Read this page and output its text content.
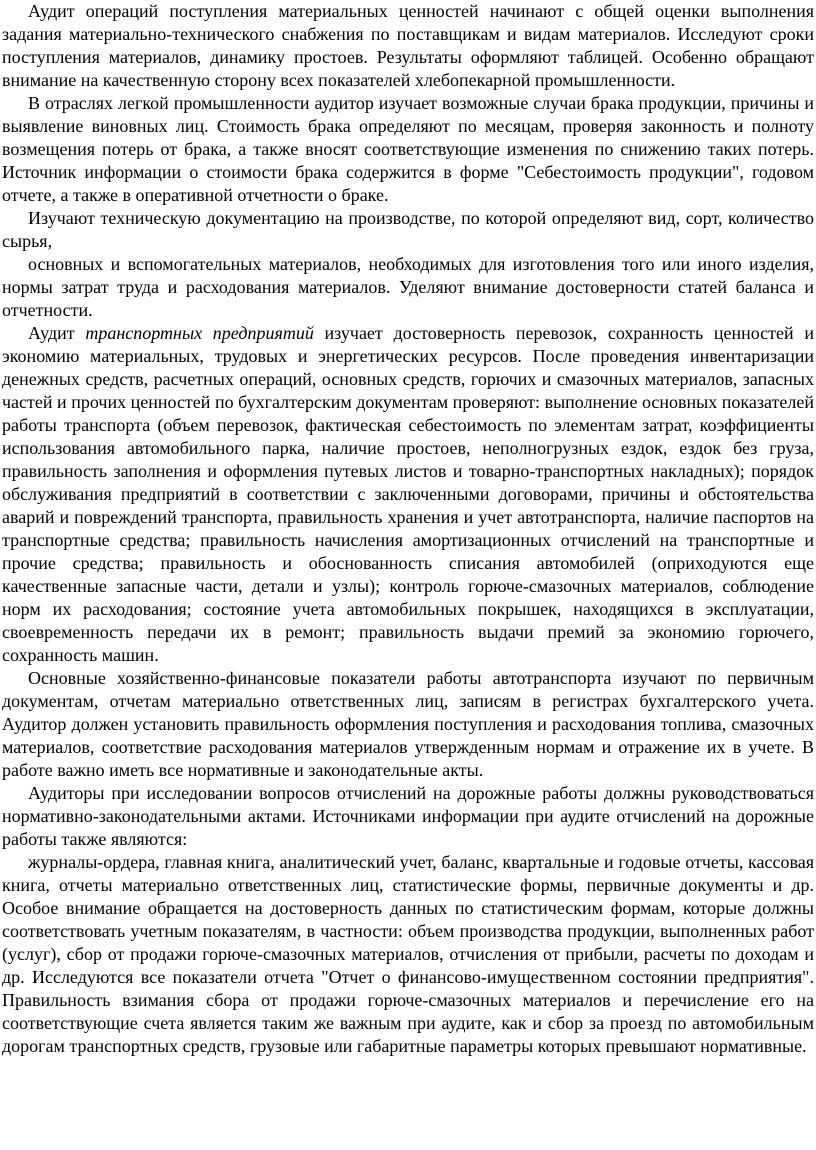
Аудит операций поступления материальных ценностей начинают с общей оценки выполнения задания материально-технического снабжения по поставщикам и видам материалов. Исследуют сроки поступления материалов, динамику простоев. Результаты оформляют таблицей. Особенно обращают внимание на качественную сторону всех показателей хлебопекарной промышленности.

В отраслях легкой промышленности аудитор изучает возможные случаи брака продукции, причины и выявление виновных лиц. Стоимость брака определяют по месяцам, проверяя законность и полноту возмещения потерь от брака, а также вносят соответствующие изменения по снижению таких потерь. Источник информации о стоимости брака содержится в форме "Себестоимость продукции", годовом отчете, а также в оперативной отчетности о браке.

Изучают техническую документацию на производстве, по которой определяют вид, сорт, количество сырья,

основных и вспомогательных материалов, необходимых для изготовления того или иного изделия, нормы затрат труда и расходования материалов. Уделяют внимание достоверности статей баланса и отчетности.

Аудит транспортных предприятий изучает достоверность перевозок, сохранность ценностей и экономию материальных, трудовых и энергетических ресурсов. После проведения инвентаризации денежных средств, расчетных операций, основных средств, горючих и смазочных материалов, запасных частей и прочих ценностей по бухгалтерским документам проверяют: выполнение основных показателей работы транспорта (объем перевозок, фактическая себестоимость по элементам затрат, коэффициенты использования автомобильного парка, наличие простоев, неполногрузных ездок, ездок без груза, правильность заполнения и оформления путевых листов и товарно-транспортных накладных); порядок обслуживания предприятий в соответствии с заключенными договорами, причины и обстоятельства аварий и повреждений транспорта, правильность хранения и учет автотранспорта, наличие паспортов на транспортные средства; правильность начисления амортизационных отчислений на транспортные и прочие средства; правильность и обоснованность списания автомобилей (оприходуются еще качественные запасные части, детали и узлы); контроль горюче-смазочных материалов, соблюдение норм их расходования; состояние учета автомобильных покрышек, находящихся в эксплуатации, своевременность передачи их в ремонт; правильность выдачи премий за экономию горючего, сохранность машин.

Основные хозяйственно-финансовые показатели работы автотранспорта изучают по первичным документам, отчетам материально ответственных лиц, записям в регистрах бухгалтерского учета. Аудитор должен установить правильность оформления поступления и расходования топлива, смазочных материалов, соответствие расходования материалов утвержденным нормам и отражение их в учете. В работе важно иметь все нормативные и законодательные акты.

Аудиторы при исследовании вопросов отчислений на дорожные работы должны руководствоваться нормативно-законодательными актами. Источниками информации при аудите отчислений на дорожные работы также являются:

журналы-ордера, главная книга, аналитический учет, баланс, квартальные и годовые отчеты, кассовая книга, отчеты материально ответственных лиц, статистические формы, первичные документы и др. Особое внимание обращается на достоверность данных по статистическим формам, которые должны соответствовать учетным показателям, в частности: объем производства продукции, выполненных работ (услуг), сбор от продажи горюче-смазочных материалов, отчисления от прибыли, расчеты по доходам и др. Исследуются все показатели отчета "Отчет о финансово-имущественном состоянии предприятия". Правильность взимания сбора от продажи горюче-смазочных материалов и перечисление его на соответствующие счета является таким же важным при аудите, как и сбор за проезд по автомобильным дорогам транспортных средств, грузовые или габаритные параметры которых превышают нормативные.
